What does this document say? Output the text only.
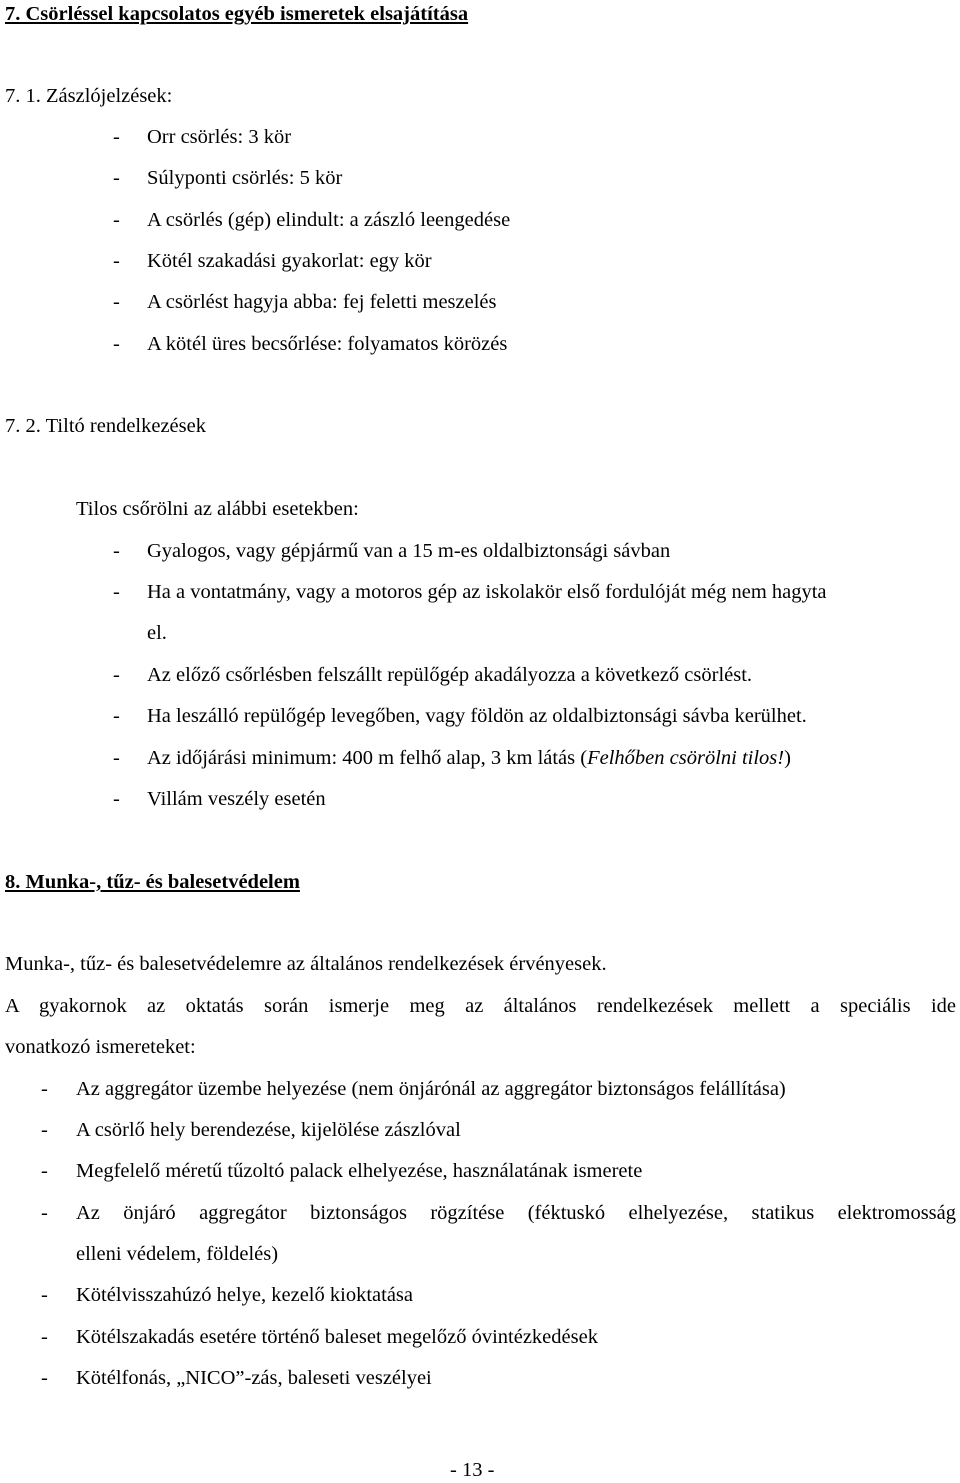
7. Csörléssel kapcsolatos egyéb ismeretek elsajátítása
7. 1. Zászlójelzések:
- Orr csörlés: 3 kör
- Súlyponti csörlés: 5 kör
- A csörlés (gép) elindult: a zászló leengedése
- Kötél szakadási gyakorlat: egy kör
- A csörlést hagyja abba: fej feletti meszelés
- A kötél üres becsőrlése: folyamatos körözés
7. 2. Tiltó rendelkezések
Tilos csőrölni az alábbi esetekben:
- Gyalogos, vagy gépjármű van a 15 m-es oldalbiztonsági sávban
- Ha a vontatmány, vagy a motoros gép az iskolakör első fordulóját még nem hagyta
el.
- Az előző csőrlésben felszállt repülőgép akadályozza a következő csörlést.
- Ha leszálló repülőgép levegőben, vagy földön az oldalbiztonsági sávba kerülhet.
- Az időjárási minimum: 400 m felhő alap, 3 km látás (Felhőben csörölni tilos!)
- Villám veszély esetén
8. Munka-, tűz- és balesetvédelem
Munka-, tűz- és balesetvédelemre az általános rendelkezések érvényesek.
A gyakornok az oktatás során ismerje meg az általános rendelkezések mellett a speciális ide
vonatkozó ismereteket:
- Az aggregátor üzembe helyezése (nem önjárónál az aggregátor biztonságos felállítása)
- A csörlő hely berendezése, kijelölése zászlóval
- Megfelelő méretű tűzoltó palack elhelyezése, használatának ismerete
- Az önjáró aggregátor biztonságos rögzítése (féktuskó elhelyezése, statikus elektromosság
elleni védelem, földelés)
- Kötélvisszahúzó helye, kezelő kioktatása
- Kötélszakadás esetére történő baleset megelőző óvintézkedések
- Kötélfonás, „NICO”-zás, baleseti veszélyei
- 13 -
